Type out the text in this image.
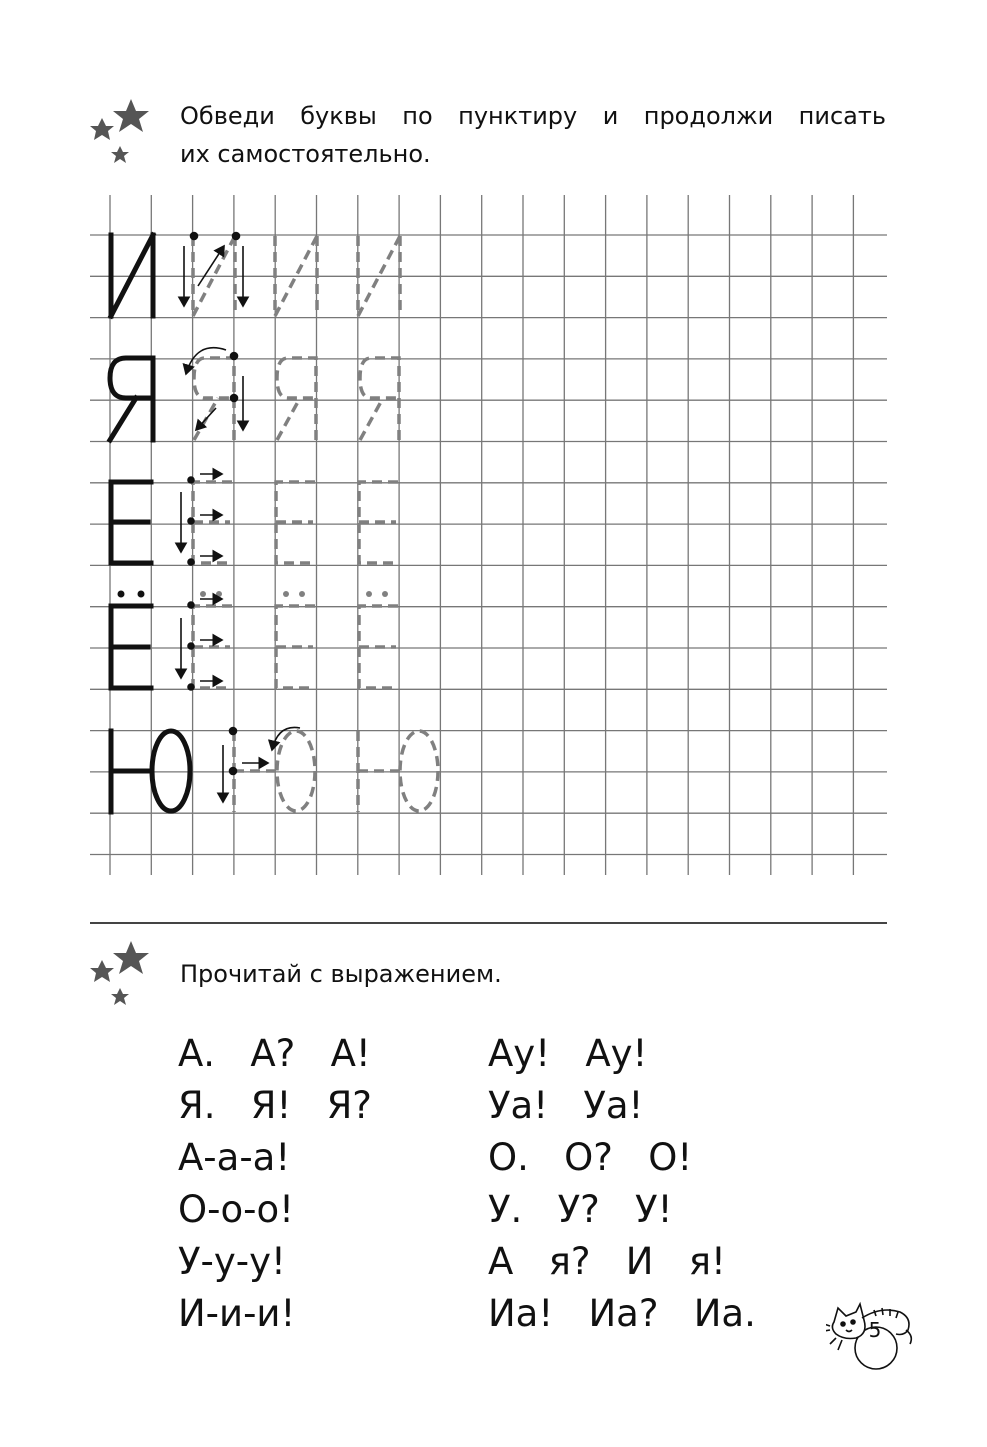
Обведи буквы по пунктиру и продолжи писать
их самостоятельно.
Прочитай с выражением.
А.   А?   А!
Я.   Я!   Я?
А-а-а!
О-о-о!
У-у-у!
И-и-и!
Ау!   Ау!
Уа!   Уа!
О.   О?   О!
У.   У?   У!
А   я?   И   я!
Иа!   Иа?   Иа.	5
